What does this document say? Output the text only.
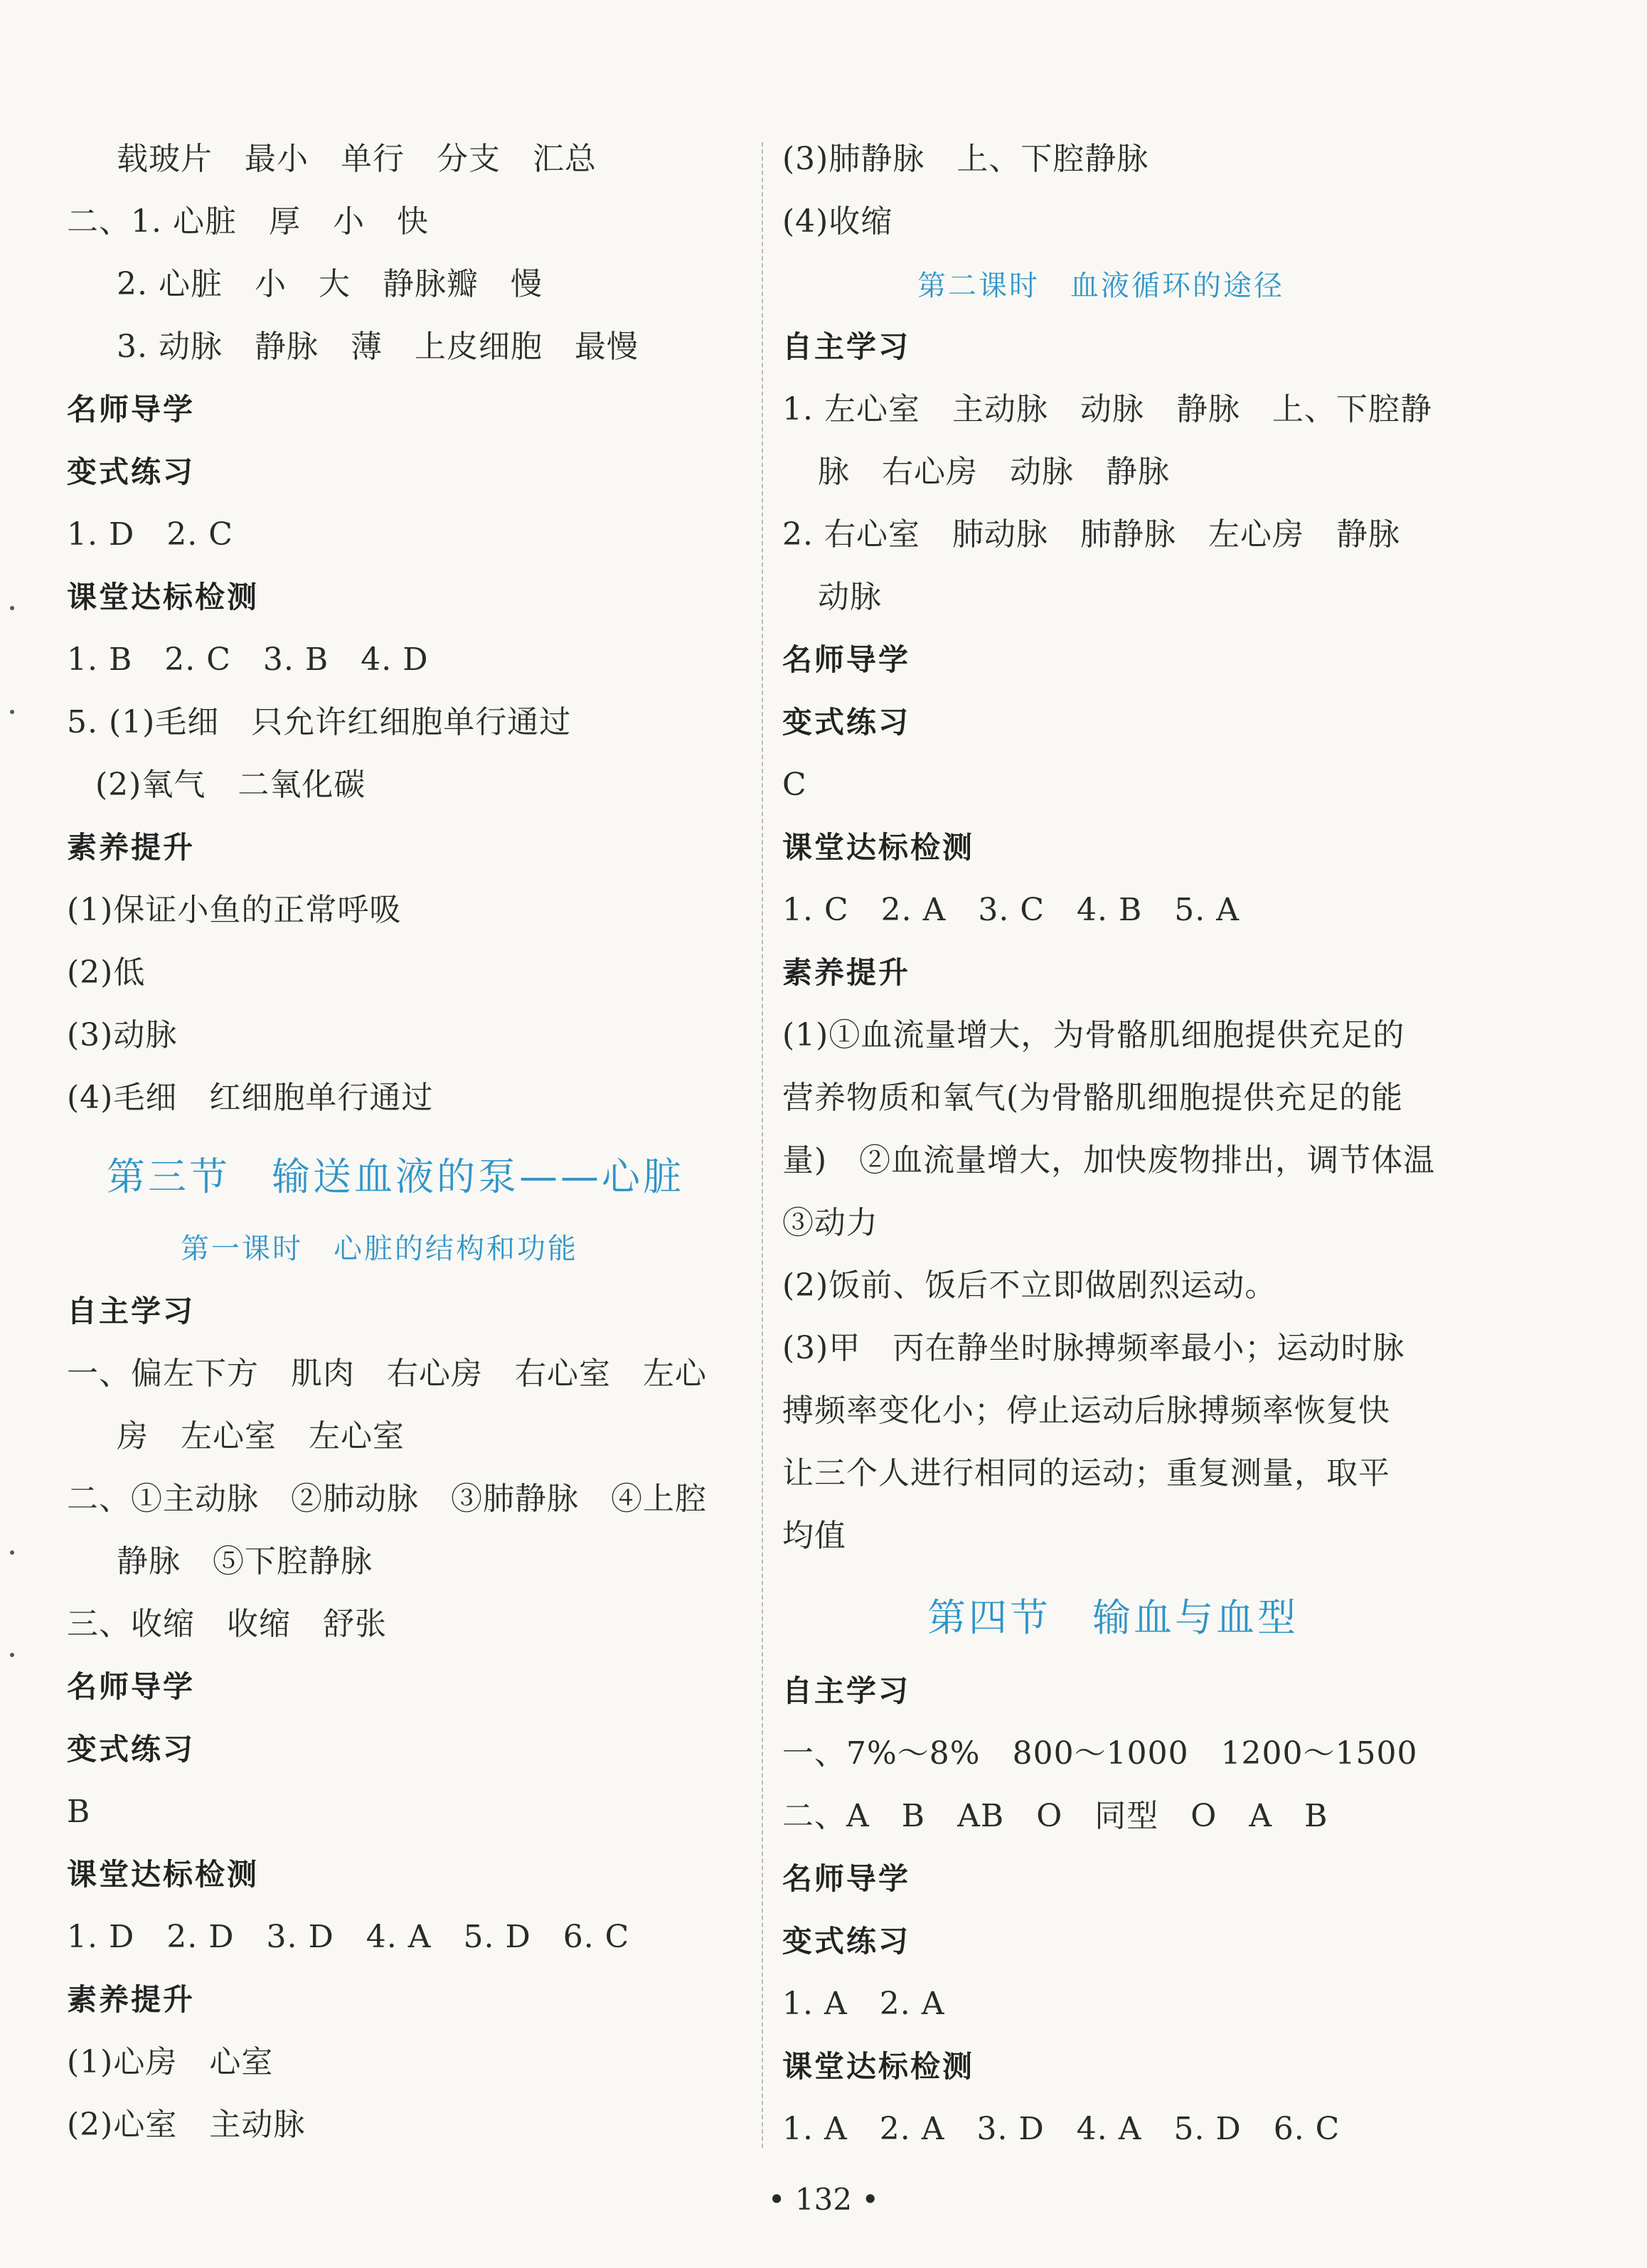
载玻片　最小　单行　分支　汇总
二、1. 心脏　厚　小　快
2. 心脏　小　大　静脉瓣　慢
3. 动脉　静脉　薄　上皮细胞　最慢
名师导学
变式练习
1. D　2. C
课堂达标检测
1. B　2. C　3. B　4. D
5. (1)毛细　只允许红细胞单行通过
(2)氧气　二氧化碳
素养提升
(1)保证小鱼的正常呼吸
(2)低
(3)动脉
(4)毛细　红细胞单行通过
第三节　输送血液的泵——心脏
第一课时　心脏的结构和功能
自主学习
一、偏左下方　肌肉　右心房　右心室　左心
房　左心室　左心室
二、①主动脉　②肺动脉　③肺静脉　④上腔
静脉　⑤下腔静脉
三、收缩　收缩　舒张
名师导学
变式练习
B
课堂达标检测
1. D　2. D　3. D　4. A　5. D　6. C
素养提升
(1)心房　心室
(2)心室　主动脉
(3)肺静脉　上、下腔静脉
(4)收缩
第二课时　血液循环的途径
自主学习
1. 左心室　主动脉　动脉　静脉　上、下腔静
脉　右心房　动脉　静脉
2. 右心室　肺动脉　肺静脉　左心房　静脉
动脉
名师导学
变式练习
C
课堂达标检测
1. C　2. A　3. C　4. B　5. A
素养提升
(1)①血流量增大，为骨骼肌细胞提供充足的
营养物质和氧气(为骨骼肌细胞提供充足的能
量)　②血流量增大，加快废物排出，调节体温
③动力
(2)饭前、饭后不立即做剧烈运动。
(3)甲　丙在静坐时脉搏频率最小；运动时脉
搏频率变化小；停止运动后脉搏频率恢复快
让三个人进行相同的运动；重复测量，取平
均值
第四节　输血与血型
自主学习
一、7%～8%　800～1000　1200～1500
二、A　B　AB　O　同型　O　A　B
名师导学
变式练习
1. A　2. A
课堂达标检测
1. A　2. A　3. D　4. A　5. D　6. C
• 132 •
